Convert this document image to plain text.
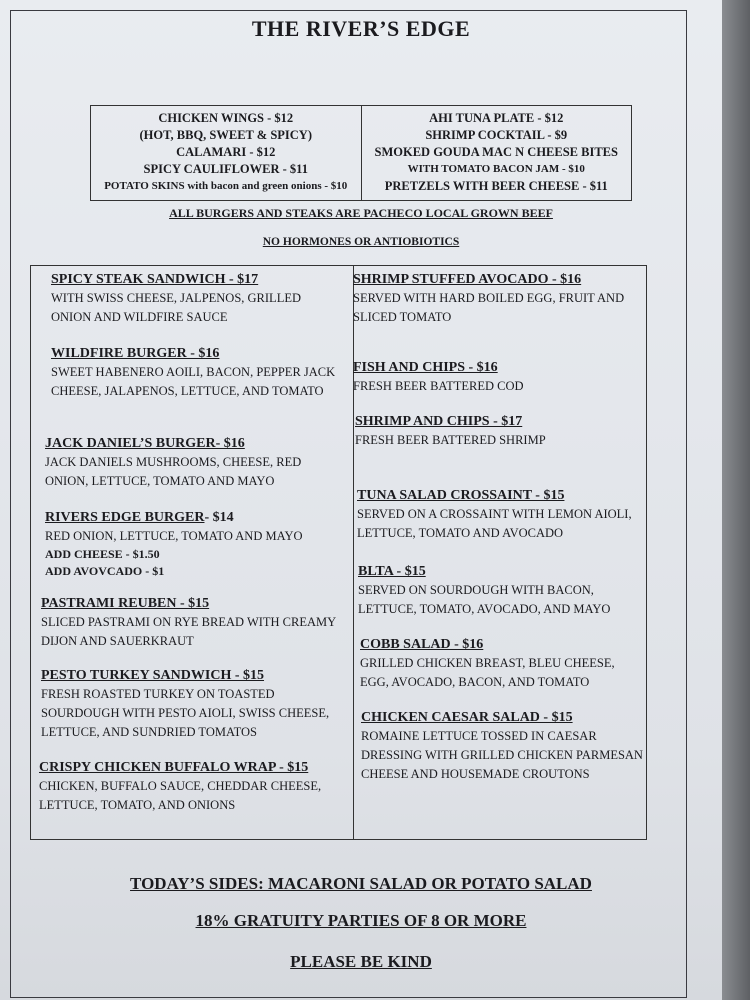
THE RIVER’S EDGE
CHICKEN WINGS - $12
(HOT, BBQ, SWEET & SPICY)
CALAMARI - $12
SPICY CAULIFLOWER - $11
POTATO SKINS with bacon and green onions - $10
AHI TUNA PLATE - $12
SHRIMP COCKTAIL - $9
SMOKED GOUDA MAC N CHEESE BITES
WITH TOMATO BACON JAM - $10
PRETZELS WITH BEER CHEESE - $11
ALL BURGERS AND STEAKS ARE PACHECO LOCAL GROWN BEEF
NO HORMONES OR ANTIOBIOTICS
SPICY STEAK SANDWICH - $17
WITH SWISS CHEESE, JALPENOS, GRILLED ONION AND WILDFIRE SAUCE
WILDFIRE BURGER - $16
SWEET HABENERO AOILI, BACON, PEPPER JACK CHEESE, JALAPENOS, LETTUCE, AND TOMATO
JACK DANIEL’S BURGER- $16
JACK DANIELS MUSHROOMS, CHEESE, RED ONION, LETTUCE, TOMATO AND MAYO
RIVERS EDGE BURGER- $14
RED ONION, LETTUCE, TOMATO AND MAYO
ADD CHEESE - $1.50
ADD AVOVCADO - $1
PASTRAMI REUBEN - $15
SLICED PASTRAMI ON RYE BREAD WITH CREAMY DIJON AND SAUERKRAUT
PESTO TURKEY SANDWICH - $15
FRESH ROASTED TURKEY ON TOASTED SOURDOUGH WITH PESTO AIOLI, SWISS CHEESE, LETTUCE, AND SUNDRIED TOMATOS
CRISPY CHICKEN BUFFALO WRAP - $15
CHICKEN, BUFFALO SAUCE, CHEDDAR CHEESE, LETTUCE, TOMATO, AND ONIONS
SHRIMP STUFFED AVOCADO - $16
SERVED WITH HARD BOILED EGG, FRUIT AND SLICED TOMATO
FISH AND CHIPS - $16
FRESH BEER BATTERED COD
SHRIMP AND CHIPS - $17
FRESH BEER BATTERED SHRIMP
TUNA SALAD CROSSAINT - $15
SERVED ON A CROSSAINT WITH LEMON AIOLI, LETTUCE, TOMATO AND AVOCADO
BLTA - $15
SERVED ON SOURDOUGH WITH BACON, LETTUCE, TOMATO, AVOCADO, AND MAYO
COBB SALAD - $16
GRILLED CHICKEN BREAST, BLEU CHEESE, EGG, AVOCADO, BACON, AND TOMATO
CHICKEN CAESAR SALAD - $15
ROMAINE LETTUCE TOSSED IN CAESAR DRESSING WITH GRILLED CHICKEN PARMESAN CHEESE AND HOUSEMADE CROUTONS
TODAY’S SIDES: MACARONI SALAD OR POTATO SALAD
18% GRATUITY PARTIES OF 8 OR MORE
PLEASE BE KIND
